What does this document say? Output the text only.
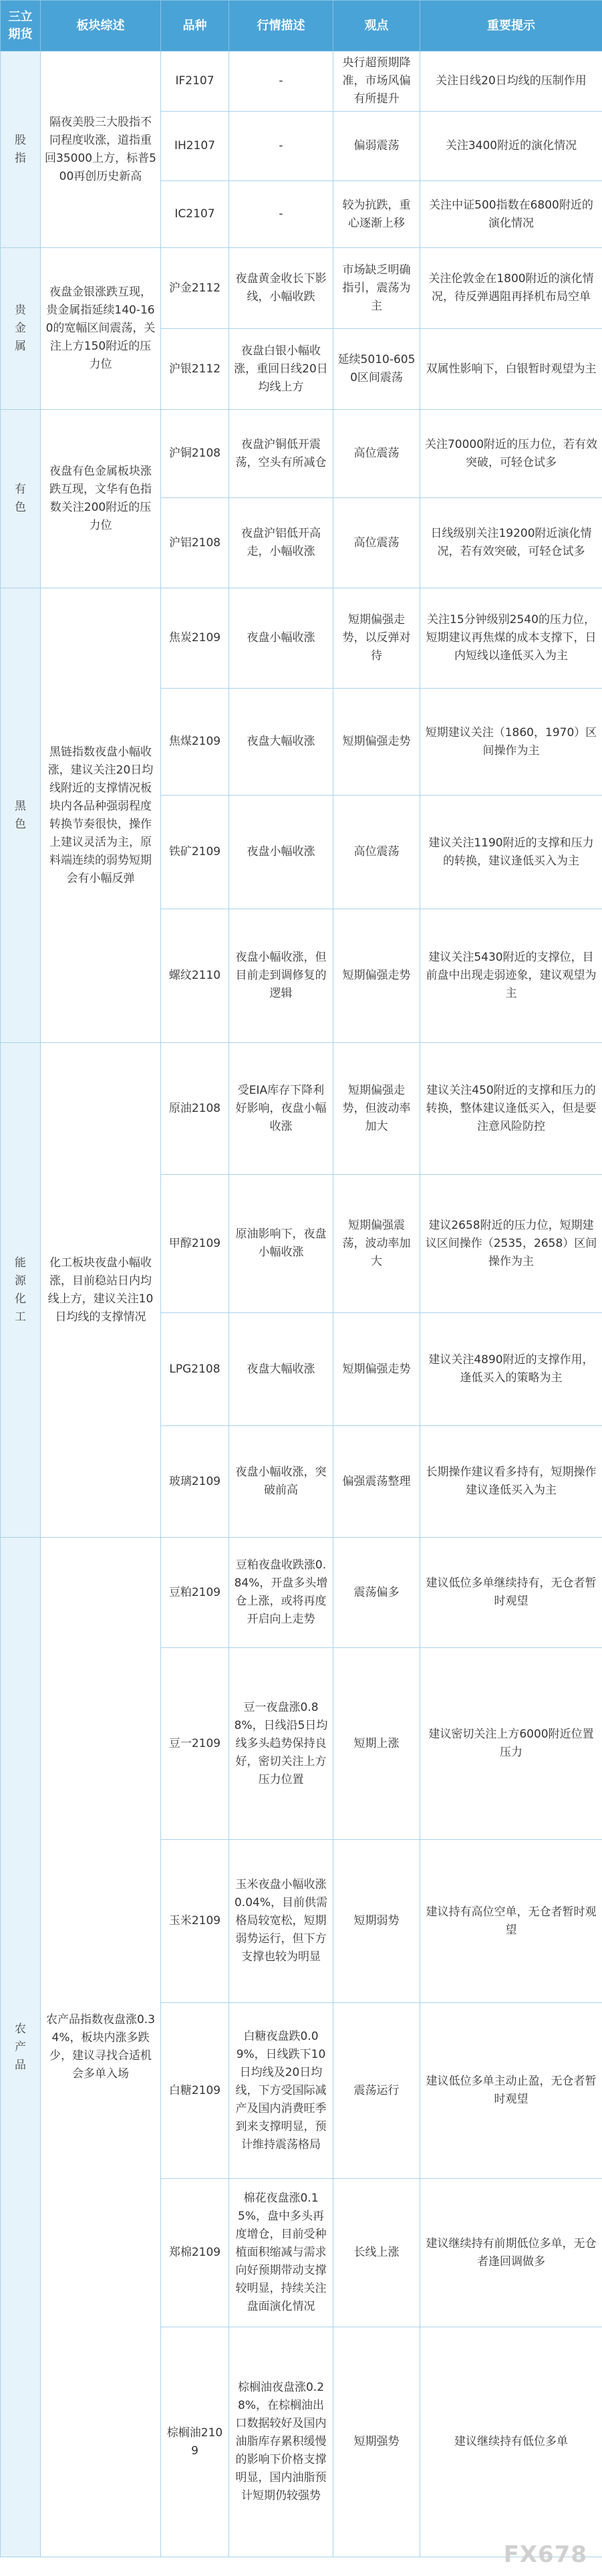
三立期货	板块综述	品种	行情描述	观点	重要提示
股指	隔夜美股三大股指不同程度收涨，道指重回35000上方，标普500再创历史新高	IF2107	-	央行超预期降准，市场风偏有所提升	关注日线20日均线的压制作用
		IH2107	-	偏弱震荡	关注3400附近的演化情况
		IC2107	-	较为抗跌，重心逐渐上移	关注中证500指数在6800附近的演化情况
贵金属	夜盘金银涨跌互现，贵金属指延续140-160的宽幅区间震荡，关注上方150附近的压力位	沪金2112	夜盘黄金收长下影线，小幅收跌	市场缺乏明确指引，震荡为主	关注伦敦金在1800附近的演化情况，待反弹遇阻再择机布局空单
		沪银2112	夜盘白银小幅收涨，重回日线20日均线上方	延续5010-6050区间震荡	双属性影响下，白银暂时观望为主
有色	夜盘有色金属板块涨跌互现，文华有色指数关注200附近的压力位	沪铜2108	夜盘沪铜低开震荡，空头有所减仓	高位震荡	关注70000附近的压力位，若有效突破，可轻仓试多
		沪铝2108	夜盘沪铝低开高走，小幅收涨	高位震荡	日线级别关注19200附近演化情况，若有效突破，可轻仓试多
黑色	黑链指数夜盘小幅收涨，建议关注20日均线附近的支撑情况板块内各品种强弱程度转换节奏很快，操作上建议灵活为主，原料端连续的弱势短期会有小幅反弹	焦炭2109	夜盘小幅收涨	短期偏强走势，以反弹对待	关注15分钟级别2540的压力位，短期建议再焦煤的成本支撑下，日内短线以逢低买入为主
		焦煤2109	夜盘大幅收涨	短期偏强走势	短期建议关注（1860，1970）区间操作为主
		铁矿2109	夜盘小幅收涨	高位震荡	建议关注1190附近的支撑和压力的转换，建议逢低买入为主
		螺纹2110	夜盘小幅收涨，但目前走到调修复的逻辑	短期偏强走势	建议关注5430附近的支撑位，目前盘中出现走弱迹象，建议观望为主
能源化工	化工板块夜盘小幅收涨，目前稳站日内均线上方，建议关注10日均线的支撑情况	原油2108	受EIA库存下降利好影响，夜盘小幅收涨	短期偏强走势，但波动率加大	建议关注450附近的支撑和压力的转换，整体建议逢低买入，但是要注意风险防控
		甲醇2109	原油影响下，夜盘小幅收涨	短期偏强震荡，波动率加大	建议2658附近的压力位，短期建议区间操作（2535，2658）区间操作为主
		LPG2108	夜盘大幅收涨	短期偏强走势	建议关注4890附近的支撑作用，逢低买入的策略为主
		玻璃2109	夜盘小幅收涨，突破前高	偏强震荡整理	长期操作建议看多持有，短期操作建议逢低买入为主
农产品	农产品指数夜盘涨0.34%，板块内涨多跌少，建议寻找合适机会多单入场	豆粕2109	豆粕夜盘收跌涨0.84%，开盘多头增仓上涨，或将再度开启向上走势	震荡偏多	建议低位多单继续持有，无仓者暂时观望
		豆一2109	豆一夜盘涨0.88%，日线沿5日均线多头趋势保持良好，密切关注上方压力位置	短期上涨	建议密切关注上方6000附近位置压力
		玉米2109	玉米夜盘小幅收涨0.04%，目前供需格局较宽松，短期弱势运行，但下方支撑也较为明显	短期弱势	建议持有高位空单，无仓者暂时观望
		白糖2109	白糖夜盘跌0.09%，日线跌下10日均线及20日均线，下方受国际减产及国内消费旺季到来支撑明显，预计维持震荡格局	震荡运行	建议低位多单主动止盈，无仓者暂时观望
		郑棉2109	棉花夜盘涨0.15%，盘中多头再度增仓，目前受种植面积缩减与需求向好预期带动支撑较明显，持续关注盘面演化情况	长线上涨	建议继续持有前期低位多单，无仓者逢回调做多
		棕榈油2109	棕榈油夜盘涨0.28%，在棕榈油出口数据较好及国内油脂库存累积缓慢的影响下价格支撑明显，国内油脂预计短期仍较强势	短期强势	建议继续持有低位多单
FX678
